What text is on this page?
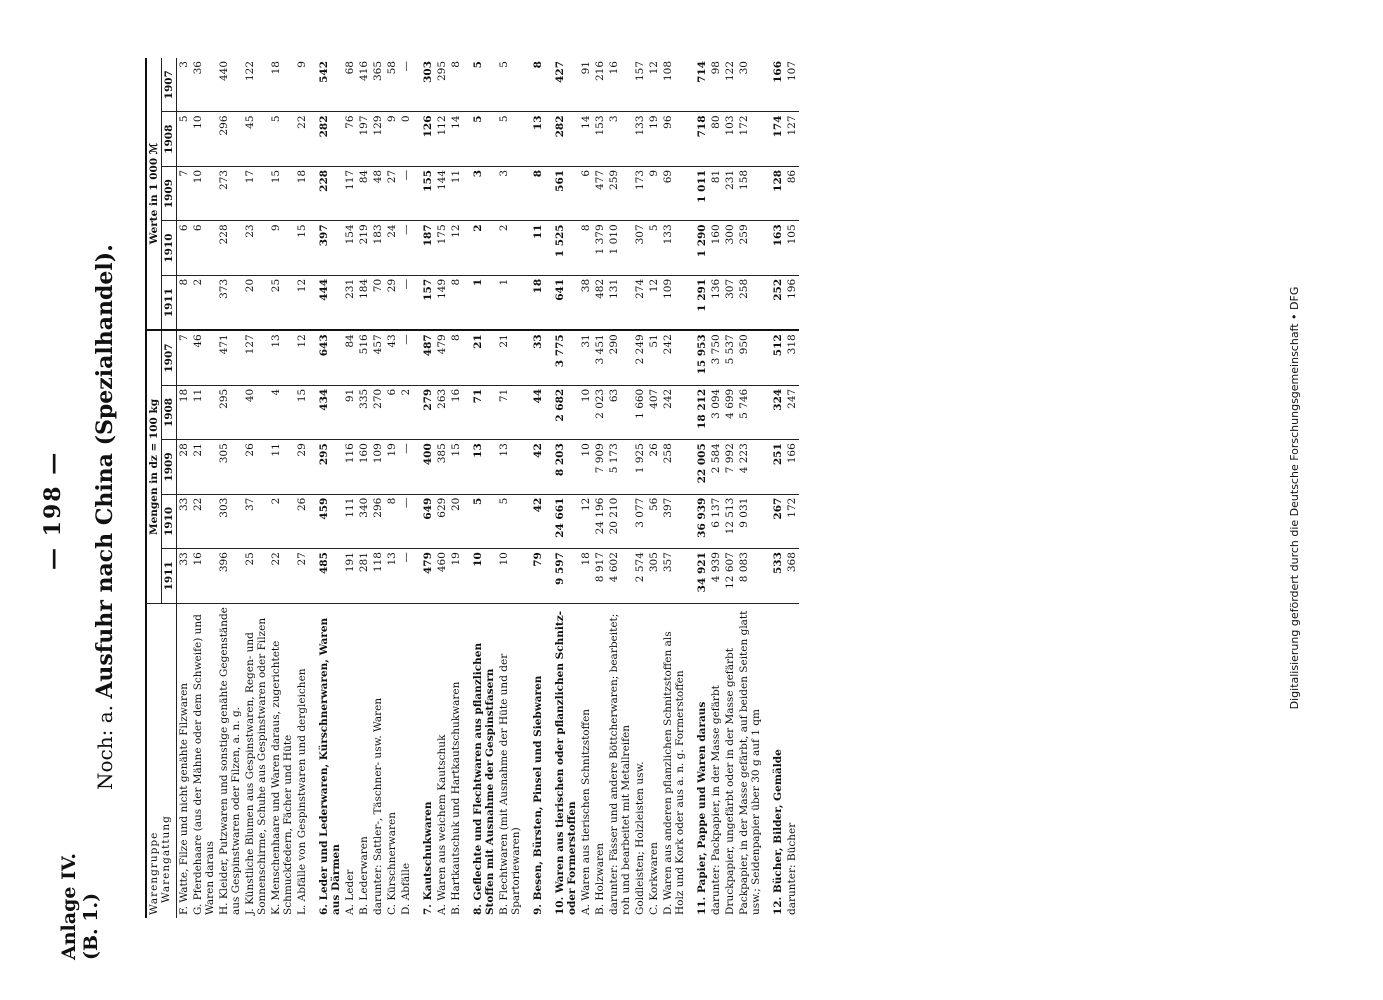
Anlage IV. (B. 1.)
— 198 —
Noch: a. Ausfuhr nach China (Spezialhandel).
Warengruppe Warengattung	Mengen in dz = 100 kg					Werte in 1 000 ℳ				
	1911	1910	1909	1908	1907	1911	1910	1909	1908	1907
F. Watte, Filze und nicht genähte Filzwaren	33	33	28	18	7	8	6	7	5	3
G. Pferdehaare (aus der Mähne oder dem Schweife) und Waren daraus	16	22	21	11	46	2	6	10	10	36
H. Kleider, Putzwaren und sonstige genähte Gegenstände aus Gespinstwaren oder Filzen, a. n. g.	396	303	305	295	471	373	228	273	296	440
J. Künstliche Blumen aus Gespinstwaren, Regen- und Sonnenschirme, Schuhe aus Gespinstwaren oder Filzen	25	37	26	40	127	20	23	17	45	122
K. Menschenhaare und Waren daraus, zugerichtete Schmuckfedern, Fächer und Hüte	22	2	11	4	13	25	9	15	5	18
L. Abfälle von Gespinstwaren und dergleichen	27	26	29	15	12	12	15	18	22	9
6. Leder und Lederwaren, Kürschnerwaren, Waren aus Därmen	485	459	295	434	643	444	397	228	282	542
A. Leder	191	111	116	91	84	231	154	117	76	68
B. Lederwaren	281	340	160	335	516	184	219	84	197	416
darunter: Sattler-, Täschner- usw. Waren	118	296	109	270	457	70	183	48	129	365
C. Kürschnerwaren	13	8	19	6	43	29	24	27	9	58
D. Abfälle	—	—	—	2	—	—	—	—	0	—
7. Kautschukwaren	479	649	400	279	487	157	187	155	126	303
A. Waren aus weichem Kautschuk	460	629	385	263	479	149	175	144	112	295
B. Hartkautschuk und Hartkautschukwaren	19	20	15	16	8	8	12	11	14	8
8. Geflechte und Flechtwaren aus pflanzlichen Stoffen mit Ausnahme der Gespinstfasern	10	5	13	71	21	1	2	3	5	5
B. Flechtwaren (mit Ausnahme der Hüte und der Spartoriewaren)	10	5	13	71	21	1	2	3	5	5
9. Besen, Bürsten, Pinsel und Siebwaren	79	42	42	44	33	18	11	8	13	8
10. Waren aus tierischen oder pflanzlichen Schnitz- oder Formerstoffen	9 597	24 661	8 203	2 682	3 775	641	1 525	561	282	427
A. Waren aus tierischen Schnitzstoffen	18	12	10	10	31	38	8	6	14	91
B. Holzwaren	8 917	24 196	7 909	2 023	3 451	482	1 379	477	153	216
darunter: Fässer und andere Böttcherwaren; bearbeitet; roh und bearbeitet mit Metallreifen	4 602	20 210	5 173	63	290	131	1 010	259	3	16
Goldleisten; Holzleisten usw.	2 574	3 077	1 925	1 660	2 249	274	307	173	133	157
C. Korkwaren	305	56	26	407	51	12	5	9	19	12
D. Waren aus anderen pflanzlichen Schnitzstoffen als Holz und Kork oder aus a. n. g. Formerstoffen	357	397	258	242	242	109	133	69	96	108
11. Papier, Pappe und Waren daraus	34 921	36 939	22 005	18 212	15 953	1 291	1 290	1 011	718	714
darunter: Packpapier, in der Masse gefärbt	4 939	6 137	2 584	3 094	3 750	136	160	81	80	98
Druckpapier, ungefärbt oder in der Masse gefärbt	12 607	12 513	7 992	4 699	5 537	307	300	231	103	122
Packpapier, in der Masse gefärbt, auf beiden Seiten glatt usw.; Seidenpapier über 30 g auf 1 qm	8 083	9 031	4 223	5 746	950	258	259	158	172	30
12. Bücher, Bilder, Gemälde	533	267	251	324	512	252	163	128	174	166
darunter: Bücher	368	172	166	247	318	196	105	86	127	107
Digitalisierung gefördert durch die Deutsche Forschungsgemeinschaft • DFG
